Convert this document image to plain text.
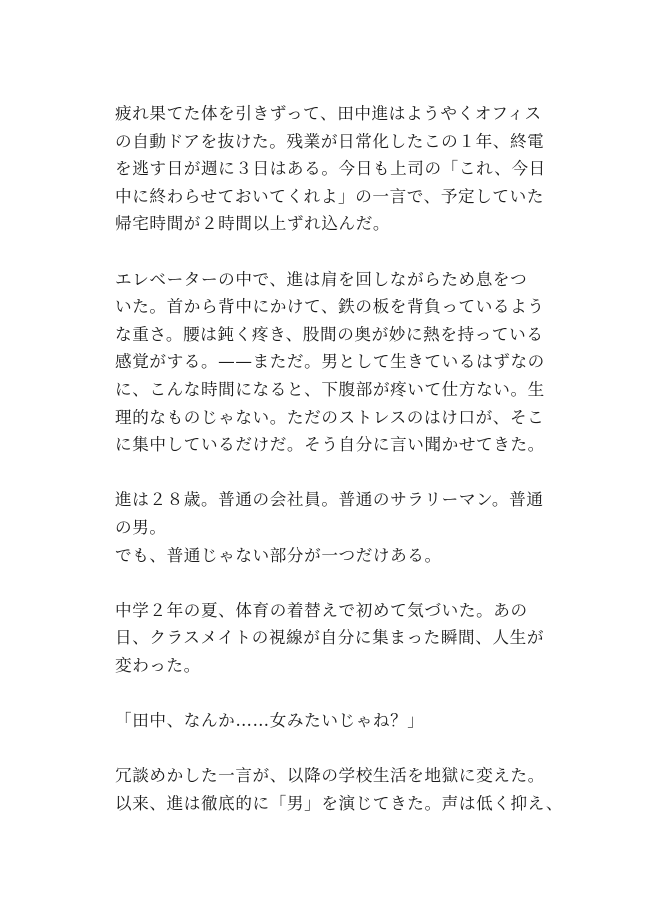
疲れ果てた体を引きずって、田中進はようやくオフィス
の自動ドアを抜けた。残業が日常化したこの１年、終電
を逃す日が週に３日はある。今日も上司の「これ、今日
中に終わらせておいてくれよ」の一言で、予定していた
帰宅時間が２時間以上ずれ込んだ。
エレベーターの中で、進は肩を回しながらため息をつ
いた。首から背中にかけて、鉄の板を背負っているよう
な重さ。腰は鈍く疼き、股間の奥が妙に熱を持っている
感覚がする。——まただ。男として生きているはずなの
に、こんな時間になると、下腹部が疼いて仕方ない。生
理的なものじゃない。ただのストレスのはけ口が、そこ
に集中しているだけだ。そう自分に言い聞かせてきた。
進は２８歳。普通の会社員。普通のサラリーマン。普通
の男。
でも、普通じゃない部分が一つだけある。
中学２年の夏、体育の着替えで初めて気づいた。あの
日、クラスメイトの視線が自分に集まった瞬間、人生が
変わった。
「田中、なんか……女みたいじゃね？」
冗談めかした一言が、以降の学校生活を地獄に変えた。
以来、進は徹底的に「男」を演じてきた。声は低く抑え、
